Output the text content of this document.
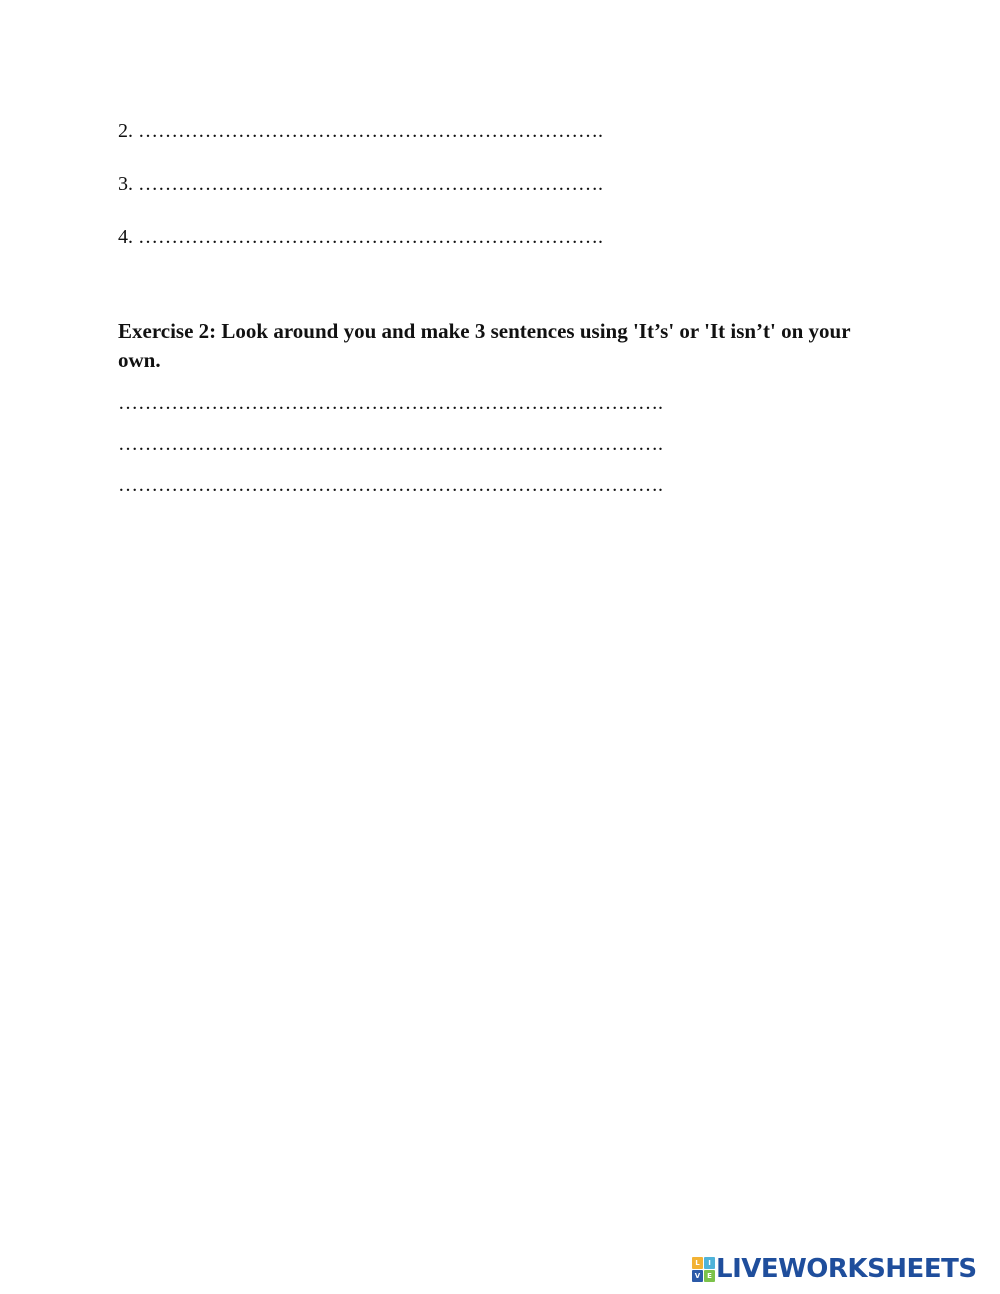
2. …………………………………………………………….
3. …………………………………………………………….
4. …………………………………………………………….
Exercise 2: Look around you and make 3 sentences using 'It’s' or 'It isn’t' on your own.
……………………………………………………………………….
……………………………………………………………………….
……………………………………………………………………….
L	I
V E LIVEWORKSHEETS
